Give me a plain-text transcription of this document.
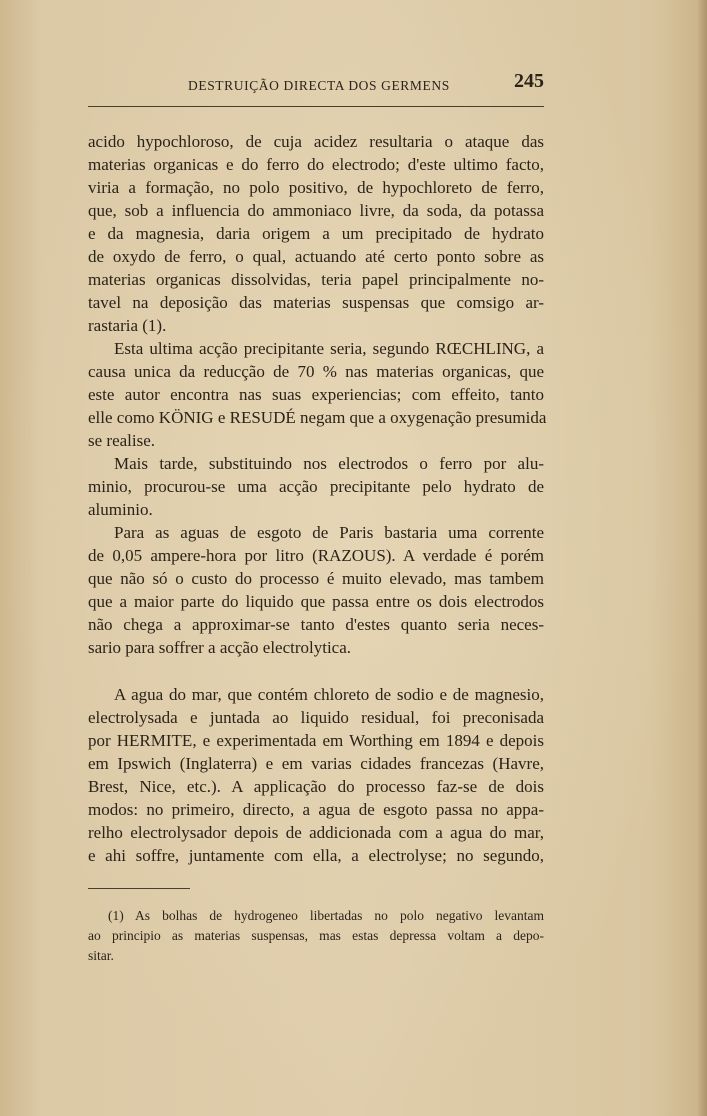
DESTRUIÇÃO DIRECTA DOS GERMENS	245
acido hypochloroso, de cuja acidez resultaria o ataque das
materias organicas e do ferro do electrodo; d'este ultimo facto,
viria a formação, no polo positivo, de hypochloreto de ferro,
que, sob a influencia do ammoniaco livre, da soda, da potassa
e da magnesia, daria origem a um precipitado de hydrato
de oxydo de ferro, o qual, actuando até certo ponto sobre as
materias organicas dissolvidas, teria papel principalmente no-
tavel na deposição das materias suspensas que comsigo ar-
rastaria (1).
Esta ultima acção precipitante seria, segundo RŒCHLING, a
causa unica da reducção de 70 % nas materias organicas, que
este autor encontra nas suas experiencias; com effeito, tanto
elle como KÖNIG e RESUDÉ negam que a oxygenação presumida
se realise.
Mais tarde, substituindo nos electrodos o ferro por alu-
minio, procurou-se uma acção precipitante pelo hydrato de
aluminio.
Para as aguas de esgoto de Paris bastaria uma corrente
de 0,05 ampere-hora por litro (RAZOUS). A verdade é porém
que não só o custo do processo é muito elevado, mas tambem
que a maior parte do liquido que passa entre os dois electrodos
não chega a approximar-se tanto d'estes quanto seria neces-
sario para soffrer a acção electrolytica.
A agua do mar, que contém chloreto de sodio e de magnesio,
electrolysada e juntada ao liquido residual, foi preconisada
por HERMITE, e experimentada em Worthing em 1894 e depois
em Ipswich (Inglaterra) e em varias cidades francezas (Havre,
Brest, Nice, etc.). A applicação do processo faz-se de dois
modos: no primeiro, directo, a agua de esgoto passa no appa-
relho electrolysador depois de addicionada com a agua do mar,
e ahi soffre, juntamente com ella, a electrolyse; no segundo,
(1) As bolhas de hydrogeneo libertadas no polo negativo levantam
ao principio as materias suspensas, mas estas depressa voltam a depo-
sitar.
